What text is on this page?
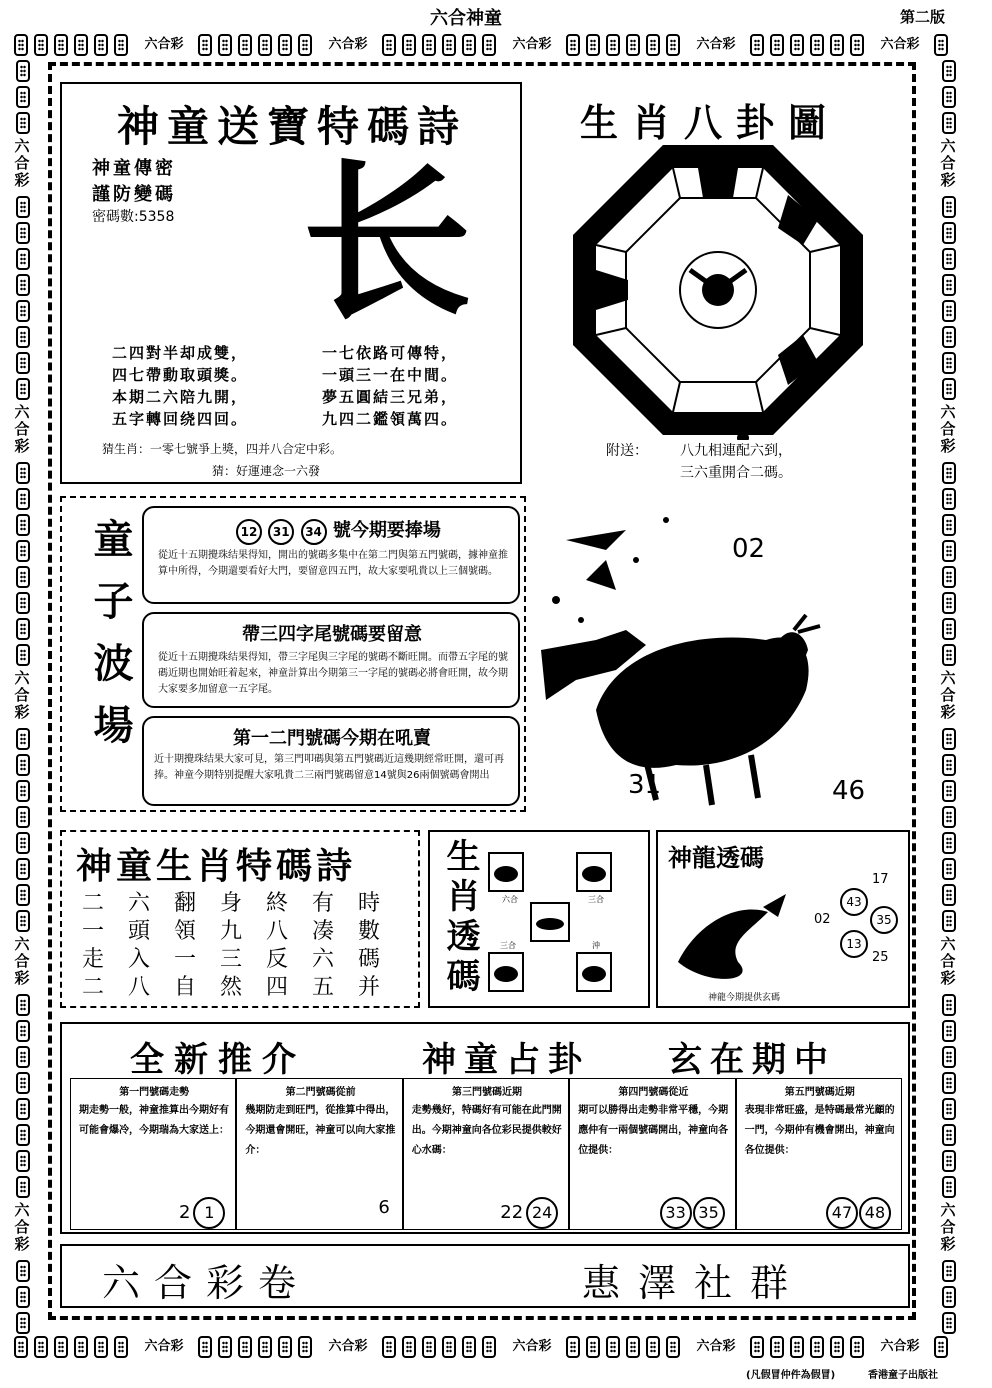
六合神童	第二版
六合彩	六合彩	六合彩	六合彩	六合彩
六合彩	六合彩	六合彩	六合彩	六合彩
六
合
彩
六
合
彩
六
合
彩
六
合
彩
六
合
彩
六
合
彩
六
合
彩
六
合
彩
六
合
彩
六
合
彩
神童送寶特碼詩
神童傳密
謹防變碼
密碼數:5358 长
二四對半却成雙，
四七帶動取頭獎。
本期二六陪九開，
五字轉回绕四回。
一七依路可傳特，
一頭三一在中間。
夢五圓結三兄弟，
九四二鑑領萬四。
猜生肖：一零七號爭上獎，四并八合定中彩。
猜：好運連念一六發
生肖八卦圖
附送： 八九相連配六到，
三六重開合二碼。
童子波場	12 31 34 號今期要捧場
從近十五期攪珠结果得知，開出的號碼多集中在第二門與第五門號碼，據神童推算中所得，今期還要看好大門，要留意四五門，故大家要吼貴以上三個號碼。
帶三四字尾號碼要留意
從近十五期攪珠结果得知，帶三字尾與三字尾的號碼不斷旺開。而帶五字尾的號碼近期也開始旺着起來，神童計算出今期第三一字尾的號碼必將會旺開，故今期大家要多加留意一五字尾。
第一二門號碼今期在吼賣
近十期攪珠结果大家可見，第三門叩碼與第五門號碼近這幾期經常旺開，還可再捧。神童今期特别提醒大家吼貴二三兩門號碼留意14號與26兩個號碼會開出
02
31	46
神童生肖特碼詩
二 六 翻 身 終 有 時
一 頭 領 九 八 凑 數
走 入 一 三 反 六 碼
二 八 自 然 四 五 并 生肖透碼	六合	三合
三合	沖
神龍透碼
17
43
02	35
13
25
神龍今期提供玄碼
全新推介	神童占卦 玄在期中
第一門號碼走勢
期走勢一般，神童推算出今期好有可能會爆冷，今期瑞為大家送上：
2 1
第二門號碼從前
幾期防走到旺門，從推算中得出，今期還會開旺，神童可以向大家推介：
6
第三門號碼近期
走勢幾好，特碼好有可能在此門開出。今期神童向各位彩民提供較好心水碼：
22 24
第四門號碼從近
期可以勝得出走勢非常平穩，今期應仲有一兩個號碼開出，神童向各位提供：
33 35
第五門號碼近期
表現非常旺盛，是特碼最常光顧的一門，今期仲有機會開出，神童向各位提供：
47 48
六合彩卷	惠澤社群
(凡假冒仲件為假冒)	香港童子出版社
